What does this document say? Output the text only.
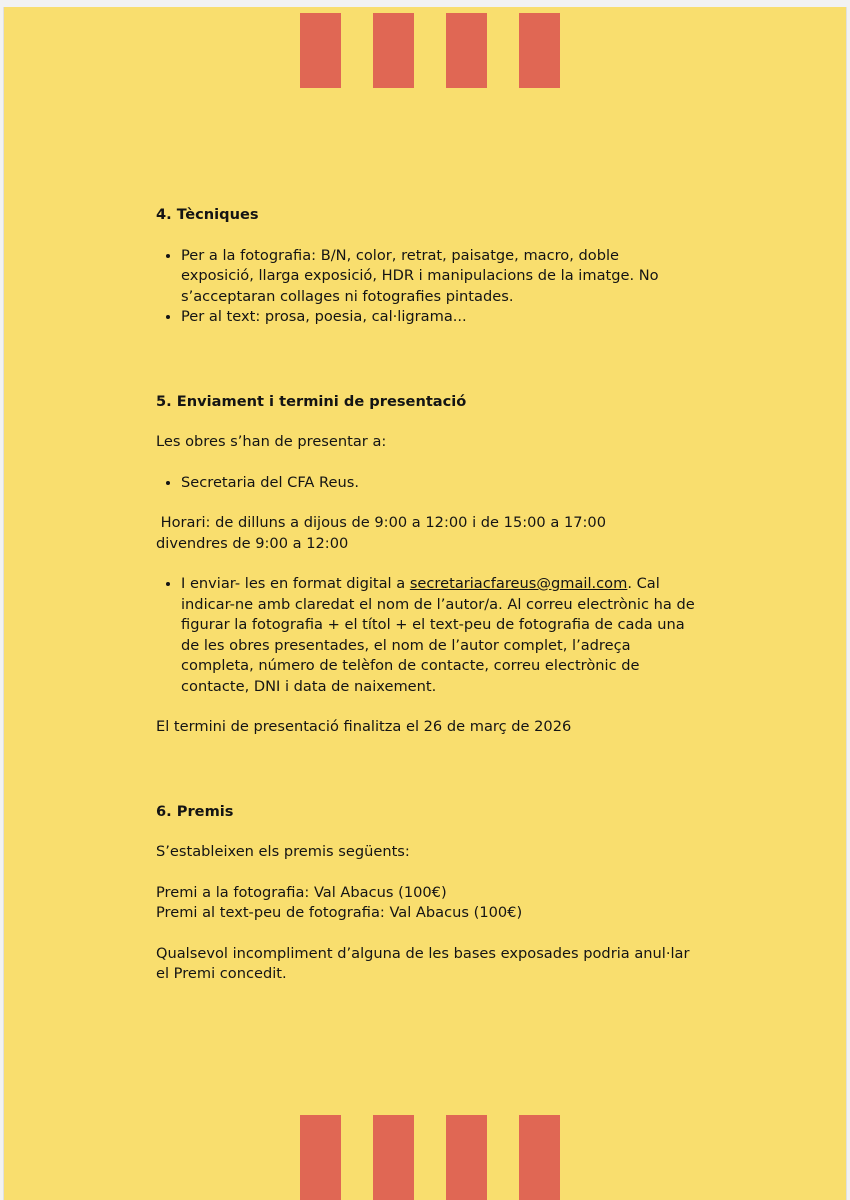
4. Tècniques

• Per a la fotografia: B/N, color, retrat, paisatge, macro, doble exposició, llarga exposició, HDR i manipulacions de la imatge. No s’acceptaran collages ni fotografies pintades.
• Per al text: prosa, poesia, cal·ligrama...

5. Enviament i termini de presentació

Les obres s’han de presentar a:

• Secretaria del CFA Reus.

Horari: de dilluns a dijous de 9:00 a 12:00 i de 15:00 a 17:00

divendres de 9:00 a 12:00

• I enviar- les en format digital a secretariacfareus@gmail.com. Cal indicar-ne amb claredat el nom de l’autor/a. Al correu electrònic ha de figurar la fotografia + el títol + el text-peu de fotografia de cada una de les obres presentades, el nom de l’autor complet, l’adreça completa, número de telèfon de contacte, correu electrònic de contacte, DNI i data de naixement.

El termini de presentació finalitza el 26 de març de 2026

6. Premis

S’estableixen els premis següents:

Premi a la fotografia: Val Abacus (100€)

Premi al text-peu de fotografia: Val Abacus (100€)

Qualsevol incompliment d’alguna de les bases exposades podria anul·lar el Premi concedit.
